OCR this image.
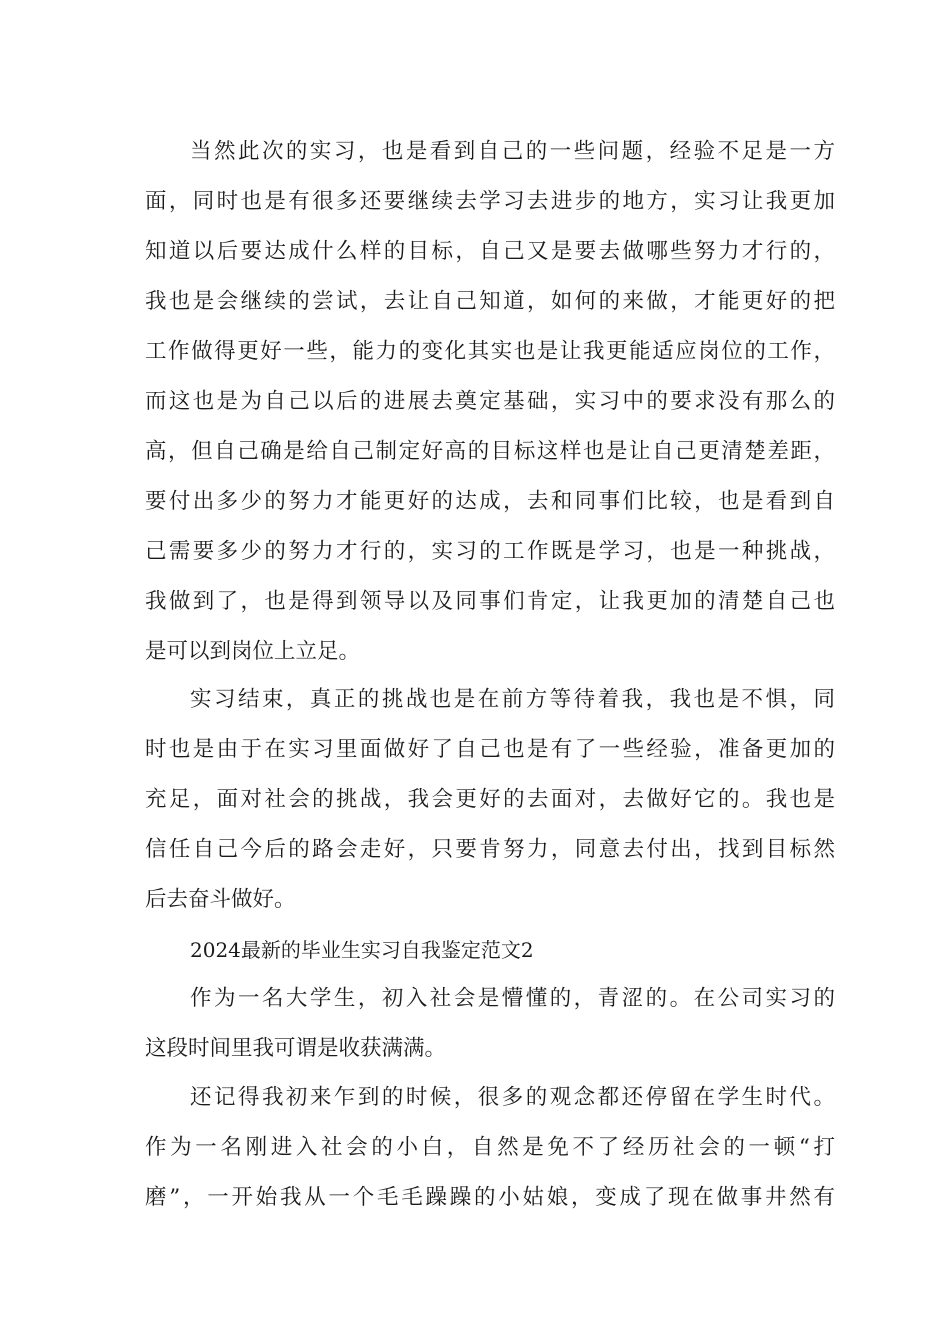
当然此次的实习，也是看到自己的一些问题，经验不足是一方
面，同时也是有很多还要继续去学习去进步的地方，实习让我更加
知道以后要达成什么样的目标，自己又是要去做哪些努力才行的，
我也是会继续的尝试，去让自己知道，如何的来做，才能更好的把
工作做得更好一些，能力的变化其实也是让我更能适应岗位的工作，
而这也是为自己以后的进展去奠定基础，实习中的要求没有那么的
高，但自己确是给自己制定好高的目标这样也是让自己更清楚差距，
要付出多少的努力才能更好的达成，去和同事们比较，也是看到自
己需要多少的努力才行的，实习的工作既是学习，也是一种挑战，
我做到了，也是得到领导以及同事们肯定，让我更加的清楚自己也
是可以到岗位上立足。
实习结束，真正的挑战也是在前方等待着我，我也是不惧，同
时也是由于在实习里面做好了自己也是有了一些经验，准备更加的
充足，面对社会的挑战，我会更好的去面对，去做好它的。我也是
信任自己今后的路会走好，只要肯努力，同意去付出，找到目标然
后去奋斗做好。
2024最新的毕业生实习自我鉴定范文2
作为一名大学生，初入社会是懵懂的，青涩的。在公司实习的
这段时间里我可谓是收获满满。
还记得我初来乍到的时候，很多的观念都还停留在学生时代。
作为一名刚进入社会的小白，自然是免不了经历社会的一顿“打
磨”，一开始我从一个毛毛躁躁的小姑娘，变成了现在做事井然有
